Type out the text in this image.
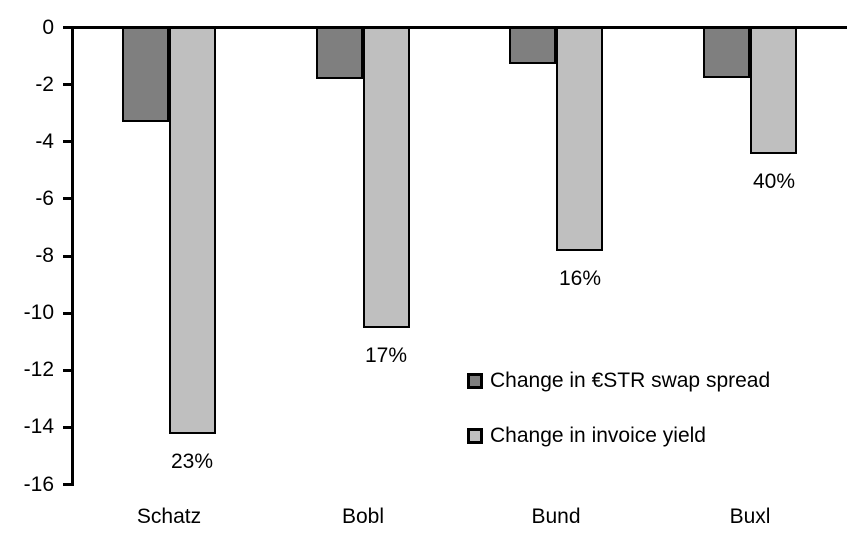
0
-2
-4
-6
-8
-10
-12
-14
-16
23%
Schatz
17%
Bobl
16%
Bund
40%
Buxl
Change in €STR swap spread
Change in invoice yield
